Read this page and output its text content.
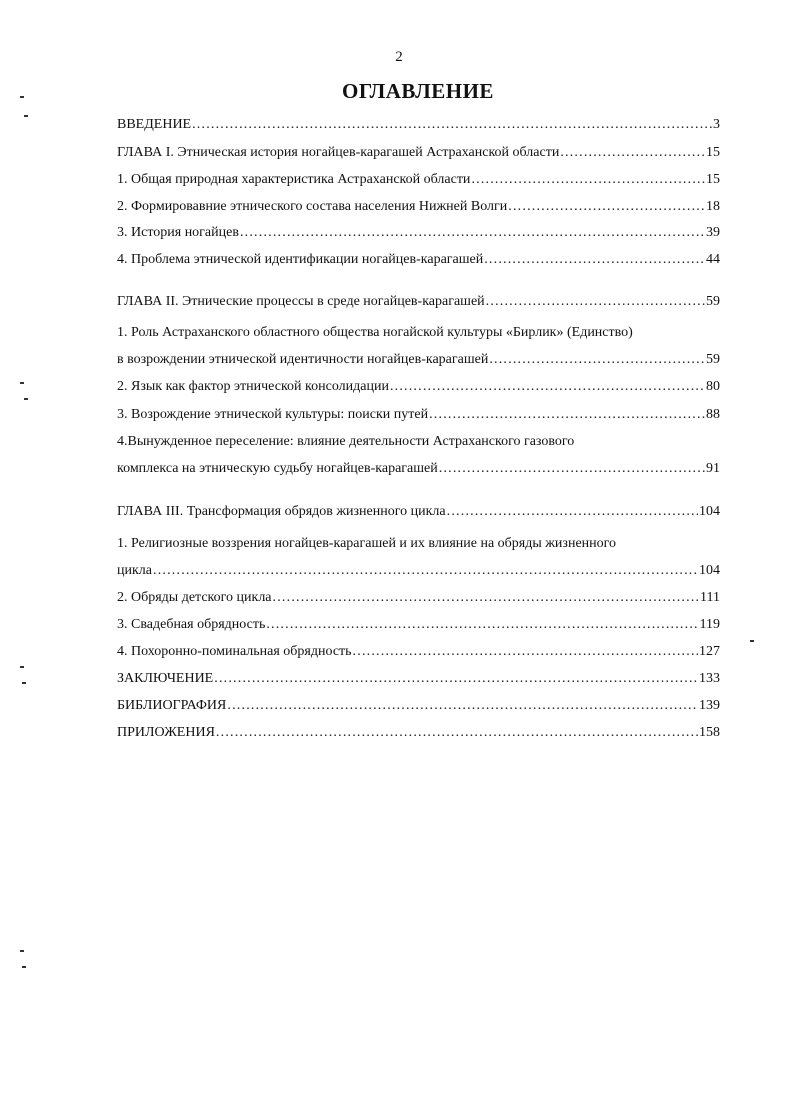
2
ОГЛАВЛЕНИЕ
ВВЕДЕНИЕ .....	3
ГЛАВА I. Этническая история ногайцев-карагашей Астраханской области .....	15
1. Общая природная характеристика Астраханской области .....	15
2. Формировавние этнического состава населения Нижней Волги .....	18
3. История ногайцев .....	39
4. Проблема этнической идентификации ногайцев-карагашей .....	44
ГЛАВА II. Этнические процессы в среде ногайцев-карагашей .....	59
1. Роль Астраханского областного общества ногайской культуры «Бирлик» (Единство)
в возрождении этнической идентичности ногайцев-карагашей .....	59
2. Язык как фактор этнической консолидации .....	80
3. Возрождение этнической культуры: поиски путей .....	88
4.Вынужденное переселение: влияние деятельности Астраханского газового
комплекса на этническую судьбу ногайцев-карагашей .....	91
ГЛАВА III. Трансформация обрядов жизненного цикла .....	104
1. Религиозные воззрения ногайцев-карагашей и их влияние на обряды жизненного
цикла .....	104
2. Обряды детского цикла .....	111
3. Свадебная обрядность .....	119
4. Похоронно-поминальная обрядность .....	127
ЗАКЛЮЧЕНИЕ .....	133
БИБЛИОГРАФИЯ .....	139
ПРИЛОЖЕНИЯ .....	158
